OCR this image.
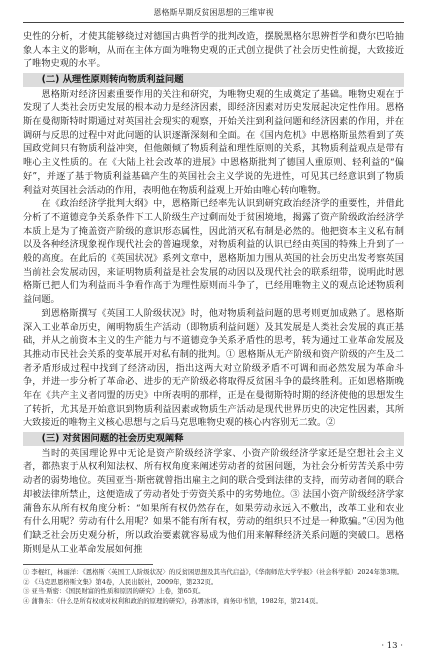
恩格斯早期反贫困思想的三维审视

史性的分析，才使其能够绕过对德国古典哲学的批判改造，摆脱黑格尔思辨哲学和费尔巴哈抽象人本主义的影响，从而在主体方面为唯物史观的正式创立提供了社会历史性前提，大致接近了唯物史观的水平。

(二) 从理性原则转向物质利益问题

恩格斯对经济因素重要作用的关注和研究，为唯物史观的生成奠定了基础。唯物史观在于发现了人类社会历史发展的根本动力是经济因素，即经济因素对历史发展起决定性作用。恩格斯在曼彻斯特时期通过对英国社会现实的观察，开始关注到利益问题和经济因素的作用，并在调研与反思的过程中对此问题的认识逐渐深刻和全面。在《国内危机》中恩格斯虽然看到了英国政党间只有物质利益冲突，但他颇倾了物质利益和理性原则的关系，其物质利益观点是带有唯心主义性质的。在《大陆上社会改革的进展》中恩格斯批判了德国人重原则、轻利益的“偏好”，并逐了基于物质利益基础产生的英国社会主义学说的先进性，可见其已经意识到了物质利益对英国社会活动的作用，表明他在物质利益观上开始由唯心转向唯物。

在《政治经济学批判大纲》中，恩格斯已经率先认识到研究政治经济学的重要性，并借此分析了不道德竞争关系条件下工人阶级生产过剩而处于贫困境地，揭露了资产阶级政治经济学本质上是为了掩盖资产阶级的意识形态属性，因此消灭私有制是必然的。他把资本主义私有制以及各种经济现象视作现代社会的普遍现象，对物质利益的认识已经由英国的特殊上升到了一般的高度。在此后的《英国状况》系列文章中，恩格斯加力围从英国的社会历史出发考察英国当前社会发展动因，来证明物质利益是社会发展的动因以及现代社会的联系纽带，说明此时恩格斯已把人们为利益而斗争看作高于为理性原则而斗争了，已经用唯物主义的观点论述物质利益问题。

到恩格斯撰写《英国工人阶级状况》时，他对物质利益问题的思考则更加成熟了。恩格斯深入工业革命历史，阐明物质生产活动（即物质利益问题）及其发展是人类社会发展的真正基础，并从之前资本主义的生产能力与不道德竞争关系矛盾性的思考，转为通过工业革命发展及其推动市民社会关系的变革展开对私有制的批判。① 恩格斯从无产阶级和资产阶级的产生及二者矛盾形成过程中找到了经济动因，指出这两大对立阶级矛盾不可调和而必然发展为革命斗争，并进一步分析了革命必、进步的无产阶级必将取得反贫困斗争的最终胜利。正如恩格斯晚年在《共产主义者同盟的历史》中所表明的那样，正是在曼彻斯特时期的经济使他的思想发生了转折，尤其是开始意识到物质利益因素或物质生产活动是现代世界历史的决定性因素，其所大致接近的唯物主义核心思想与之后马克思唯物史观的核心内容别无二致。②

(三) 对贫困问题的社会历史观阐释

当时的英国理论界中无论是资产阶级经济学家、小资产阶级经济学家还是空想社会主义者，都热衷于从权利知法权、所有权角度来阐述劳动者的贫困问题，为社会分析劳苦关系中劳动者的弱势地位。英国亚当·斯密就曾指出雇主之间的联合受到法律的支持，而劳动者间的联合却被法律所禁止，这便造成了劳动者处于劳资关系中的劣势地位。③ 法国小资产阶级经济学家蒲鲁东从所有权角度分析：“如果所有权仍然存在，如果劳动永远入不敷出，改革工业和农业有什么用呢？劳动有什么用呢？如果不能有所有权，劳动的组织只不过是一种欺骗。”④因为他们缺乏社会历史观分析，所以政治要素就容易成为他们用来解释经济关系问题的突破口。恩格斯则是从工业革命发展如何推

① 李棍红，林丽洋：《恩格斯〈英国工人阶级状况〉的反贫困思想及其当代启益》，《华南师范大学学报》（社会科学版）2024年第3期。

② 《马克思恩格斯文集》第4卷，人民出版社，2009年，第232页。

③ 亚当·斯密：《国民财富的性质和原因的研究》上卷，第65页。

④ 蒲鲁东：《什么是所有权或对权利和政治的原理的研究》，孙署冰译，商务印书馆，1982年，第214页。

· 13 ·
